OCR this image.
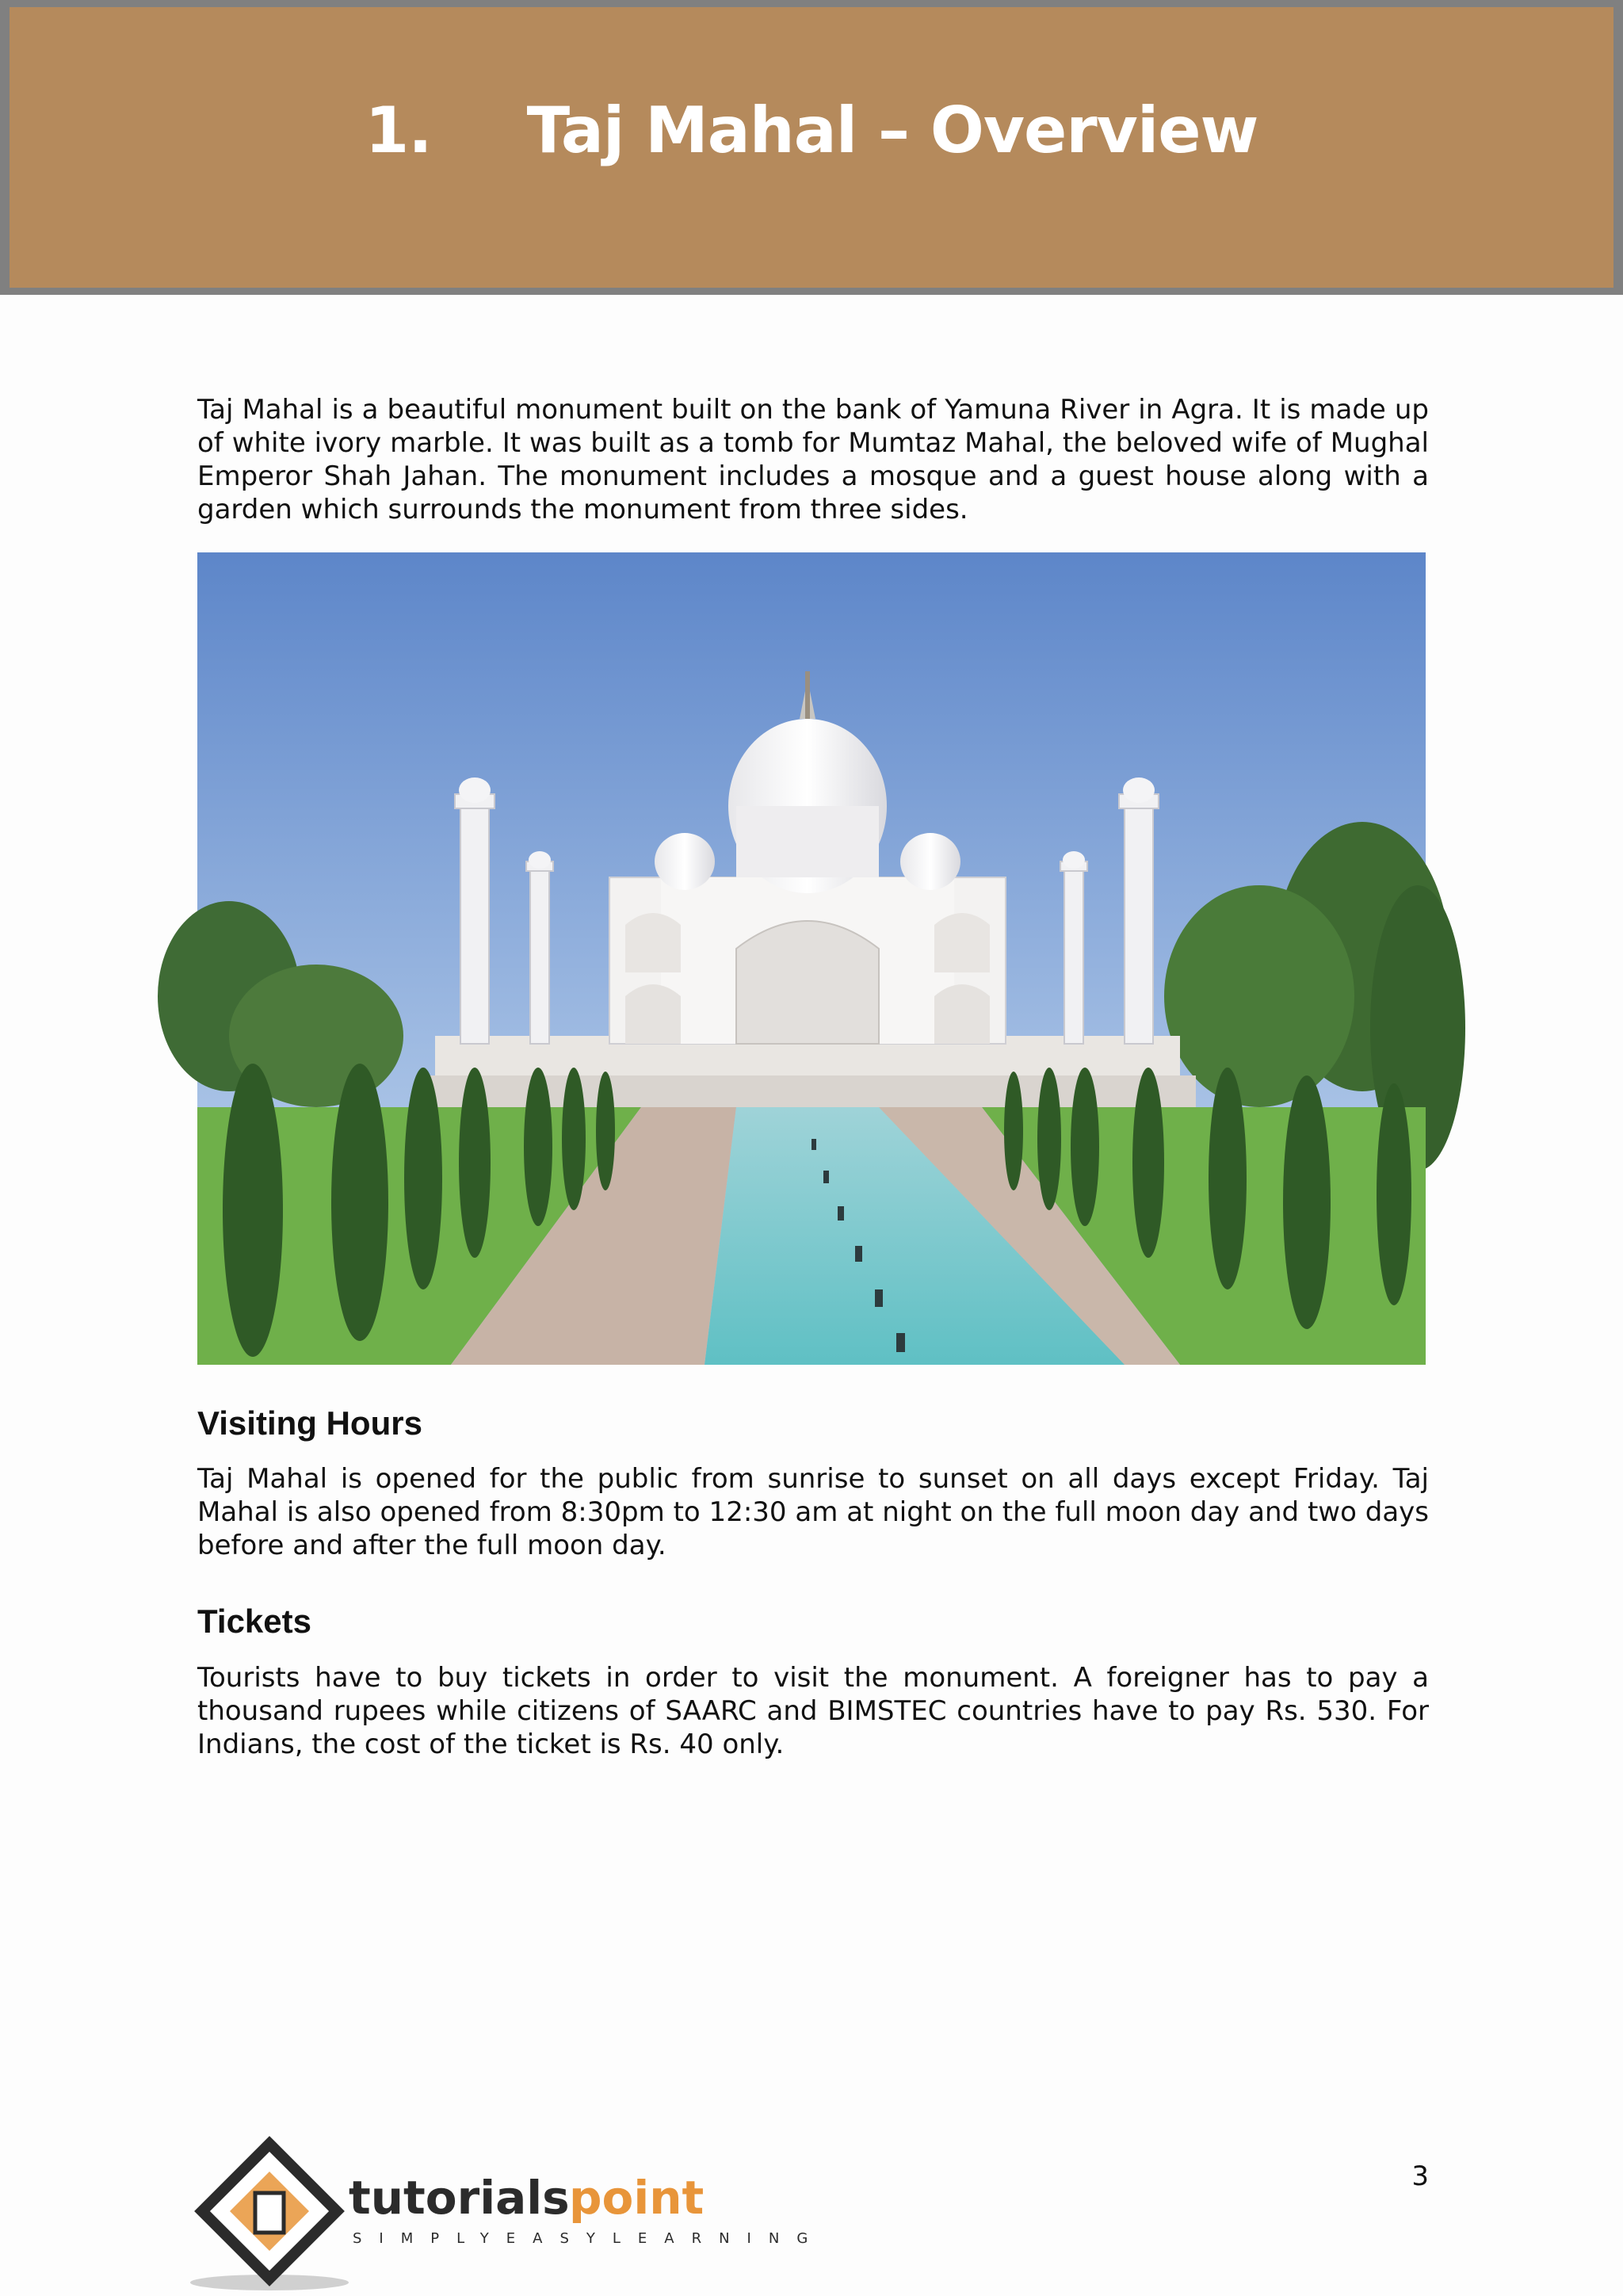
1. Taj Mahal – Overview

Taj Mahal is a beautiful monument built on the bank of Yamuna River in Agra. It is made up of white ivory marble. It was built as a tomb for Mumtaz Mahal, the beloved wife of Mughal Emperor Shah Jahan. The monument includes a mosque and a guest house along with a garden which surrounds the monument from three sides.

Visiting Hours

Taj Mahal is opened for the public from sunrise to sunset on all days except Friday. Taj Mahal is also opened from 8:30pm to 12:30 am at night on the full moon day and two days before and after the full moon day.

Tickets

Tourists have to buy tickets in order to visit the monument. A foreigner has to pay a thousand rupees while citizens of SAARC and BIMSTEC countries have to pay Rs. 530. For Indians, the cost of the ticket is Rs. 40 only.

3
tutorials point
SIMPLYEASYLEARNING
